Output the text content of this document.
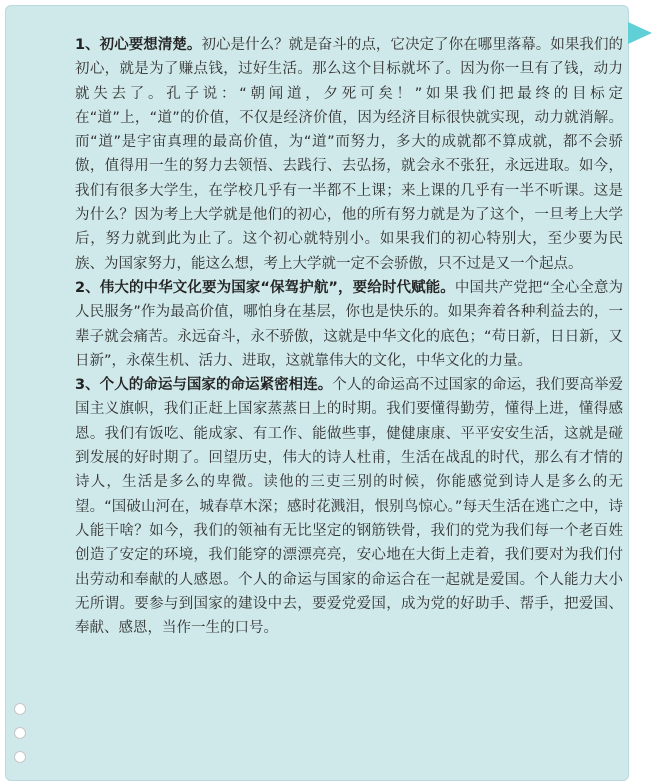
1、初心要想清楚。初心是什么？就是奋斗的点，它决定了你在哪里落幕。如果我们的初心，就是为了赚点钱，过好生活。那么这个目标就坏了。因为你一旦有了钱，动力就失去了。孔子说：“朝闻道，夕死可矣！”如果我们把最终的目标定在“道”上，“道”的价值，不仅是经济价值，因为经济目标很快就实现，动力就消解。而“道”是宇宙真理的最高价值，为“道”而努力，多大的成就都不算成就，都不会骄傲，值得用一生的努力去领悟、去践行、去弘扬，就会永不张狂，永远进取。如今，我们有很多大学生，在学校几乎有一半都不上课；来上课的几乎有一半不听课。这是为什么？因为考上大学就是他们的初心，他的所有努力就是为了这个，一旦考上大学后，努力就到此为止了。这个初心就特别小。如果我们的初心特别大，至少要为民族、为国家努力，能这么想，考上大学就一定不会骄傲，只不过是又一个起点。

2、伟大的中华文化要为国家“保驾护航”，要给时代赋能。中国共产党把“全心全意为人民服务”作为最高价值，哪怕身在基层，你也是快乐的。如果奔着各种利益去的，一辈子就会痛苦。永远奋斗，永不骄傲，这就是中华文化的底色；“苟日新，日日新，又日新”，永葆生机、活力、进取，这就靠伟大的文化，中华文化的力量。

3、个人的命运与国家的命运紧密相连。个人的命运高不过国家的命运，我们要高举爱国主义旗帜，我们正赶上国家蒸蒸日上的时期。我们要懂得勤劳，懂得上进，懂得感恩。我们有饭吃、能成家、有工作、能做些事，健健康康、平平安安生活，这就是碰到发展的好时期了。回望历史，伟大的诗人杜甫，生活在战乱的时代，那么有才情的诗人，生活是多么的卑微。读他的三吏三别的时候，你能感觉到诗人是多么的无望。“国破山河在，城春草木深；感时花溅泪，恨别鸟惊心。”每天生活在逃亡之中，诗人能干啥？如今，我们的领袖有无比坚定的钢筋铁骨，我们的党为我们每一个老百姓创造了安定的环境，我们能穿的漂漂亮亮，安心地在大街上走着，我们要对为我们付出劳动和奉献的人感恩。个人的命运与国家的命运合在一起就是爱国。个人能力大小无所谓。要参与到国家的建设中去，要爱党爱国，成为党的好助手、帮手，把爱国、奉献、感恩，当作一生的口号。
